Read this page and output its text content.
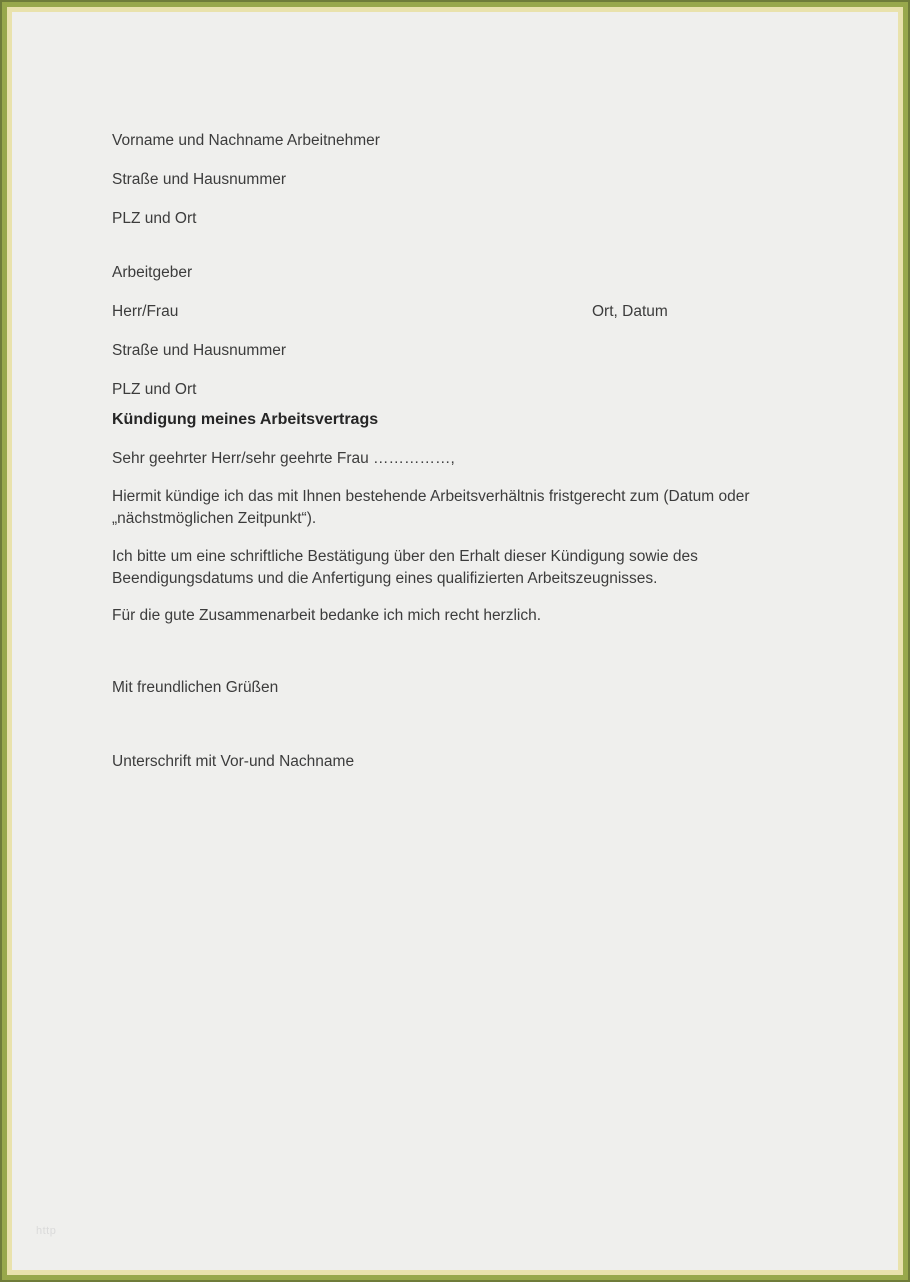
Vorname und Nachname Arbeitnehmer

Straße und Hausnummer

PLZ und Ort

Arbeitgeber

Herr/Frau

Straße und Hausnummer

PLZ und Ort

Ort, Datum
Kündigung meines Arbeitsvertrags
Sehr geehrter Herr/sehr geehrte Frau ……………,

Hiermit kündige ich das mit Ihnen bestehende Arbeitsverhältnis fristgerecht zum (Datum oder „nächstmöglichen Zeitpunkt“).

Ich bitte um eine schriftliche Bestätigung über den Erhalt dieser Kündigung sowie des Beendigungsdatums und die Anfertigung eines qualifizierten Arbeitszeugnisses.

Für die gute Zusammenarbeit bedanke ich mich recht herzlich.

Mit freundlichen Grüßen
Unterschrift mit Vor-und Nachname
http
